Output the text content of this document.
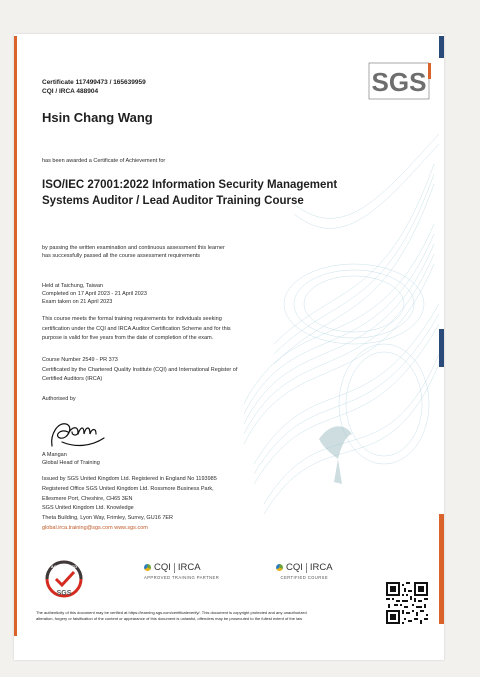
Certificate 117499473 / 165639959
CQI / IRCA 488904	SGS
Hsin Chang Wang
has been awarded a Certificate of Achievement for
ISO/IEC 27001:2022 Information Security Management Systems Auditor / Lead Auditor Training Course
by passing the written examination and continuous assessment this learner
has successfully passed all the course assessment requirements
Held at Taichung, Taiwan
Completed on 17 April 2023 - 21 April 2023
Exam taken on 21 April 2023
This course meets the formal training requirements for individuals seeking
certification under the CQI and IRCA Auditor Certification Scheme and for this
purpose is valid for five years from the date of completion of the exam.
Course Number 2549 - PR 373
Certificated by the Chartered Quality Institute (CQI) and International Register of
Certified Auditors (IRCA)
Authorised by
A Mangan
Global Head of Training
Issued by SGS United Kingdom Ltd. Registered in England No 1193985
Registered Office SGS United Kingdom Ltd. Rossmore Business Park,
Ellesmere Port, Cheshire, CH65 3EN
SGS United Kingdom Ltd. Knowledge
Theta Building, Lyon Way, Frimley, Surrey, GU16 7ER
global.irca.training@sgs.com www.sgs.com
ACCREDITED
SGS
CQI IRCA
APPROVED TRAINING PARTNER
CQI IRCA
CERTIFIED COURSE
The authenticity of this document may be verified at https://learning.sgs.com/certificateverify/. This document is copyright protected and any unauthorized
alteration, forgery or falsification of the content or appearance of this document is unlawful, offenders may be prosecuted to the fullest extent of the law
